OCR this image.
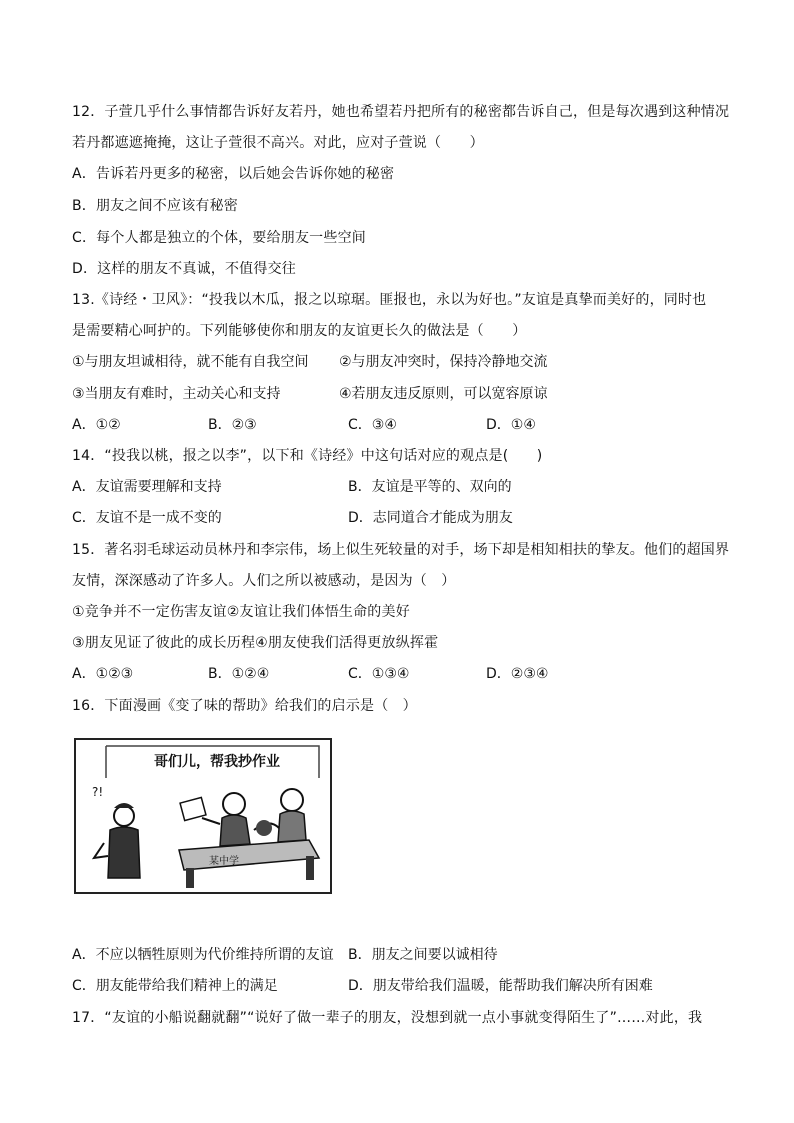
12．子萱几乎什么事情都告诉好友若丹，她也希望若丹把所有的秘密都告诉自己，但是每次遇到这种情况
若丹都遮遮掩掩，这让子萱很不高兴。对此，应对子萱说（　　）
A．告诉若丹更多的秘密，以后她会告诉你她的秘密
B．朋友之间不应该有秘密
C．每个人都是独立的个体，要给朋友一些空间
D．这样的朋友不真诚，不值得交往
13.《诗经・卫风》：“投我以木瓜，报之以琼琚。匪报也，永以为好也。”友谊是真挚而美好的，同时也
是需要精心呵护的。下列能够使你和朋友的友谊更长久的做法是（　　）
①与朋友坦诚相待，就不能有自我空间 ②与朋友冲突时，保持冷静地交流
③当朋友有难时，主动关心和支持	④若朋友违反原则，可以宽容原谅
A．①②	B．②③	C．③④	D．①④
14．“投我以桃，报之以李”，以下和《诗经》中这句话对应的观点是(　　)
A．友谊需要理解和支持	B．友谊是平等的、双向的
C．友谊不是一成不变的	D．志同道合才能成为朋友
15．著名羽毛球运动员林丹和李宗伟，场上似生死较量的对手，场下却是相知相扶的挚友。他们的超国界
友情，深深感动了许多人。人们之所以被感动，是因为（　）
①竞争并不一定伤害友谊②友谊让我们体悟生命的美好
③朋友见证了彼此的成长历程④朋友使我们活得更放纵挥霍
A．①②③	B．①②④	C．①③④	D．②③④
16．下面漫画《变了味的帮助》给我们的启示是（　）
哥们儿，帮我抄作业
?!
某中学
A．不应以牺牲原则为代价维持所谓的友谊 B．朋友之间要以诚相待
C．朋友能带给我们精神上的满足	D．朋友带给我们温暖，能帮助我们解决所有困难
17．“友谊的小船说翻就翻”“说好了做一辈子的朋友，没想到就一点小事就变得陌生了”……对此，我
